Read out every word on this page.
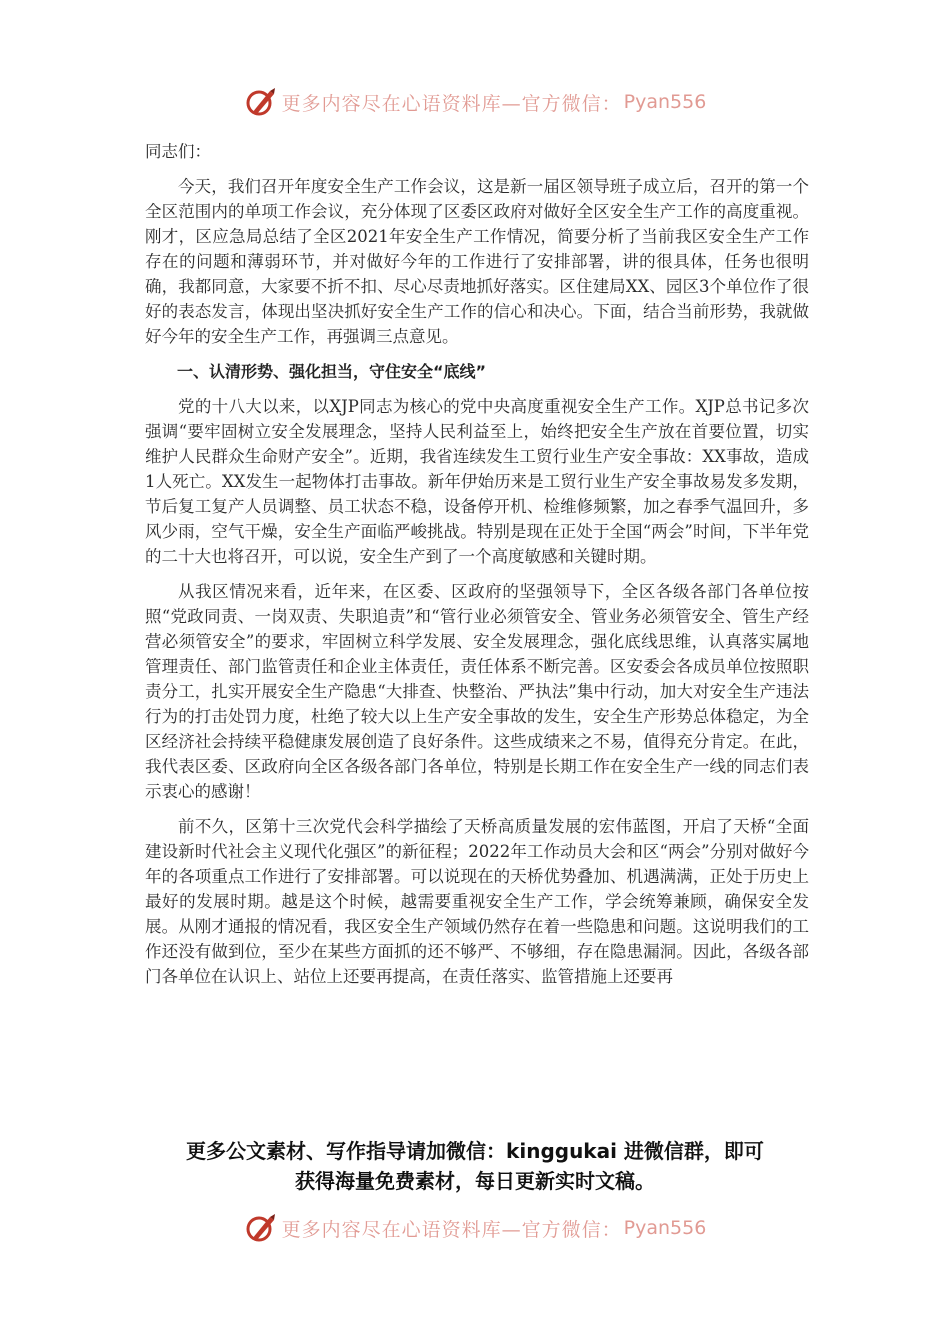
更多内容尽在心语资料库—官方微信： Pyan556

同志们：

今天，我们召开年度安全生产工作会议，这是新一届区领导班子成立后，召开的第一个全区范围内的单项工作会议，充分体现了区委区政府对做好全区安全生产工作的高度重视。刚才，区应急局总结了全区2021年安全生产工作情况，简要分析了当前我区安全生产工作存在的问题和薄弱环节，并对做好今年的工作进行了安排部署，讲的很具体，任务也很明确，我都同意，大家要不折不扣、尽心尽责地抓好落实。区住建局XX、园区3个单位作了很好的表态发言，体现出坚决抓好安全生产工作的信心和决心。下面，结合当前形势，我就做好今年的安全生产工作，再强调三点意见。

一、认清形势、强化担当，守住安全“底线”

党的十八大以来，以XJP同志为核心的党中央高度重视安全生产工作。XJP总书记多次强调“要牢固树立安全发展理念，坚持人民利益至上，始终把安全生产放在首要位置，切实维护人民群众生命财产安全”。近期，我省连续发生工贸行业生产安全事故：XX事故，造成1人死亡。XX发生一起物体打击事故。新年伊始历来是工贸行业生产安全事故易发多发期，节后复工复产人员调整、员工状态不稳，设备停开机、检维修频繁，加之春季气温回升，多风少雨，空气干燥，安全生产面临严峻挑战。特别是现在正处于全国“两会”时间，下半年党的二十大也将召开，可以说，安全生产到了一个高度敏感和关键时期。

从我区情况来看，近年来，在区委、区政府的坚强领导下，全区各级各部门各单位按照“党政同责、一岗双责、失职追责”和“管行业必须管安全、管业务必须管安全、管生产经营必须管安全”的要求，牢固树立科学发展、安全发展理念，强化底线思维，认真落实属地管理责任、部门监管责任和企业主体责任，责任体系不断完善。区安委会各成员单位按照职责分工，扎实开展安全生产隐患“大排查、快整治、严执法”集中行动，加大对安全生产违法行为的打击处罚力度，杜绝了较大以上生产安全事故的发生，安全生产形势总体稳定，为全区经济社会持续平稳健康发展创造了良好条件。这些成绩来之不易，值得充分肯定。在此，我代表区委、区政府向全区各级各部门各单位，特别是长期工作在安全生产一线的同志们表示衷心的感谢！

前不久，区第十三次党代会科学描绘了天桥高质量发展的宏伟蓝图，开启了天桥“全面建设新时代社会主义现代化强区”的新征程；2022年工作动员大会和区“两会”分别对做好今年的各项重点工作进行了安排部署。可以说现在的天桥优势叠加、机遇满满，正处于历史上最好的发展时期。越是这个时候，越需要重视安全生产工作，学会统筹兼顾，确保安全发展。从刚才通报的情况看，我区安全生产领域仍然存在着一些隐患和问题。这说明我们的工作还没有做到位，至少在某些方面抓的还不够严、不够细，存在隐患漏洞。因此，各级各部门各单位在认识上、站位上还要再提高，在责任落实、监管措施上还要再

更多公文素材、写作指导请加微信：kinggukai 进微信群，即可
获得海量免费素材，每日更新实时文稿。
更多内容尽在心语资料库—官方微信： Pyan556
